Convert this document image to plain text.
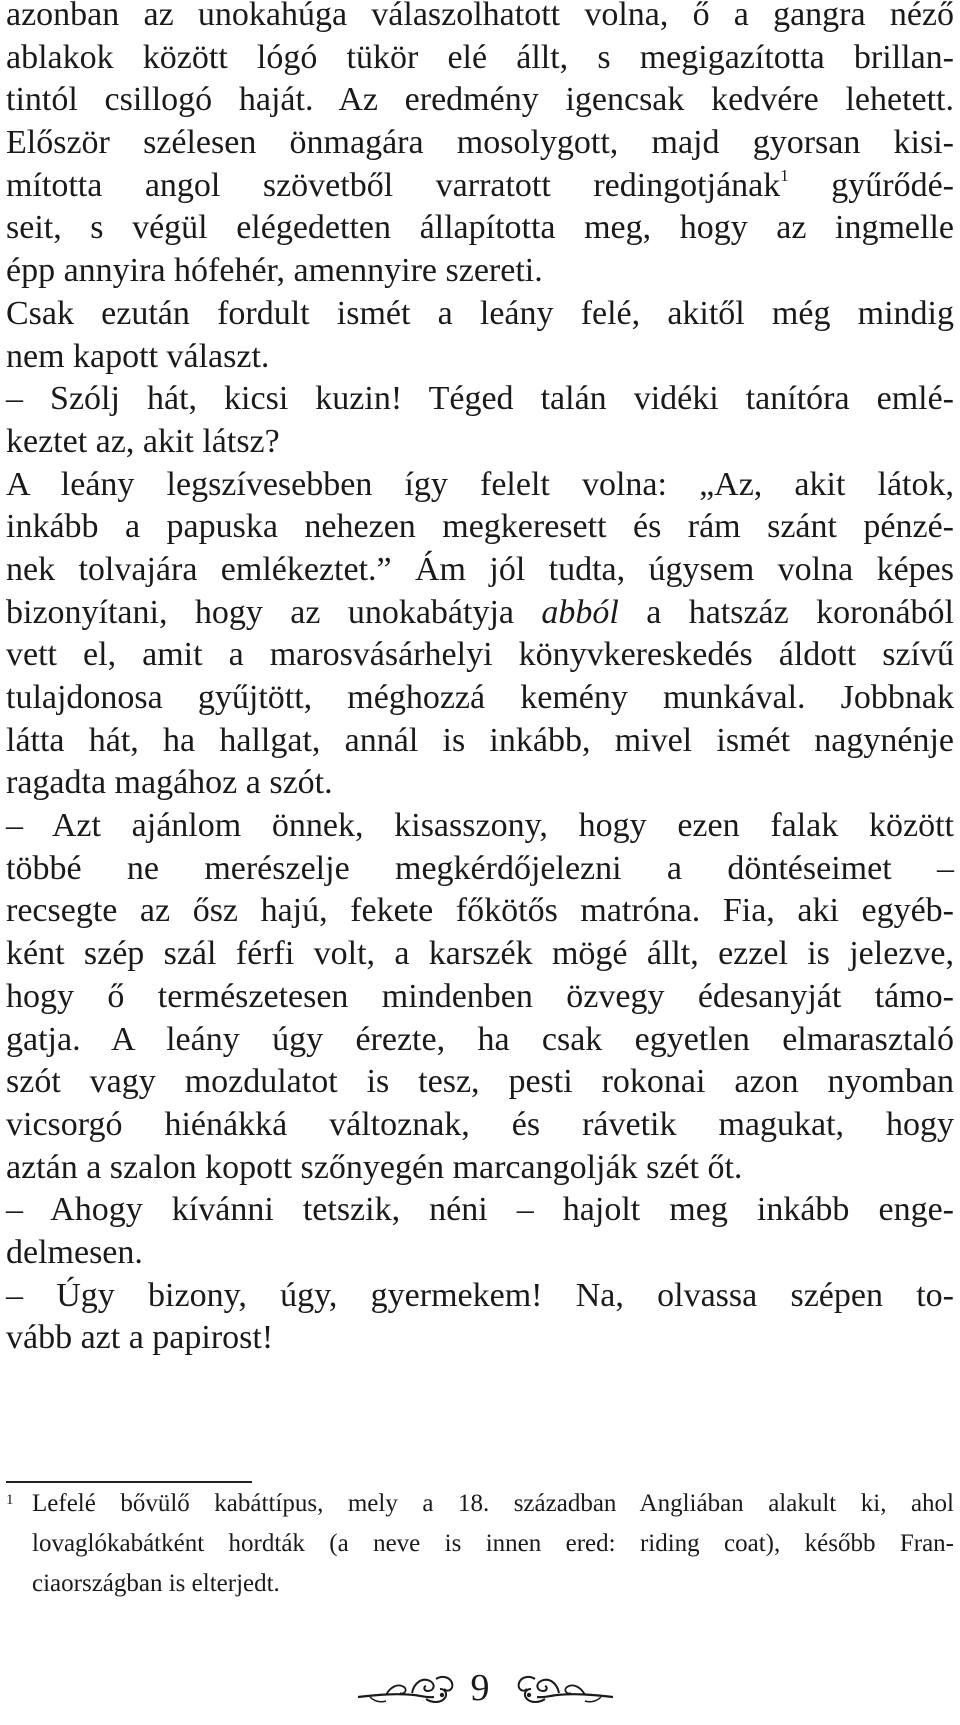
azonban az unokahúga válaszolhatott volna, ő a gangra néző
ablakok között lógó tükör elé állt, s megigazította brillan-
tintól csillogó haját. Az eredmény igencsak kedvére lehetett.
Először szélesen önmagára mosolygott, majd gyorsan kisi-
mította angol szövetből varratott redingotjának$^1$ gyűrődé-
seit, s végül elégedetten állapította meg, hogy az ingmelle
épp annyira hófehér, amennyire szereti.
Csak ezután fordult ismét a leány felé, akitől még mindig
nem kapott választ.
– Szólj hát, kicsi kuzin! Téged talán vidéki tanítóra emlé-
keztet az, akit látsz?
A leány legszívesebben így felelt volna: „Az, akit látok,
inkább a papuska nehezen megkeresett és rám szánt pénzé-
nek tolvajára emlékeztet.” Ám jól tudta, úgysem volna képes
bizonyítani, hogy az unokabátyja abból a hatszáz koronából
vett el, amit a marosvásárhelyi könyvkereskedés áldott szívű
tulajdonosa gyűjtött, méghozzá kemény munkával. Jobbnak
látta hát, ha hallgat, annál is inkább, mivel ismét nagynénje
ragadta magához a szót.
– Azt ajánlom önnek, kisasszony, hogy ezen falak között
többé ne merészelje megkérdőjelezni a döntéseimet –
recsegte az ősz hajú, fekete főkötős matróna. Fia, aki egyéb-
ként szép szál férfi volt, a karszék mögé állt, ezzel is jelezve,
hogy ő természetesen mindenben özvegy édesanyját támo-
gatja. A leány úgy érezte, ha csak egyetlen elmarasztaló
szót vagy mozdulatot is tesz, pesti rokonai azon nyomban
vicsorgó hiénákká változnak, és rávetik magukat, hogy
aztán a szalon kopott szőnyegén marcangolják szét őt.
– Ahogy kívánni tetszik, néni – hajolt meg inkább enge-
delmesen.
– Úgy bizony, úgy, gyermekem! Na, olvassa szépen to-
vább azt a papirost!
1 Lefelé bővülő kabáttípus, mely a 18. században Angliában alakult ki, ahol
lovaglókabátként hordták (a neve is innen ered: riding coat), később Fran-
ciaországban is elterjedt.
9
